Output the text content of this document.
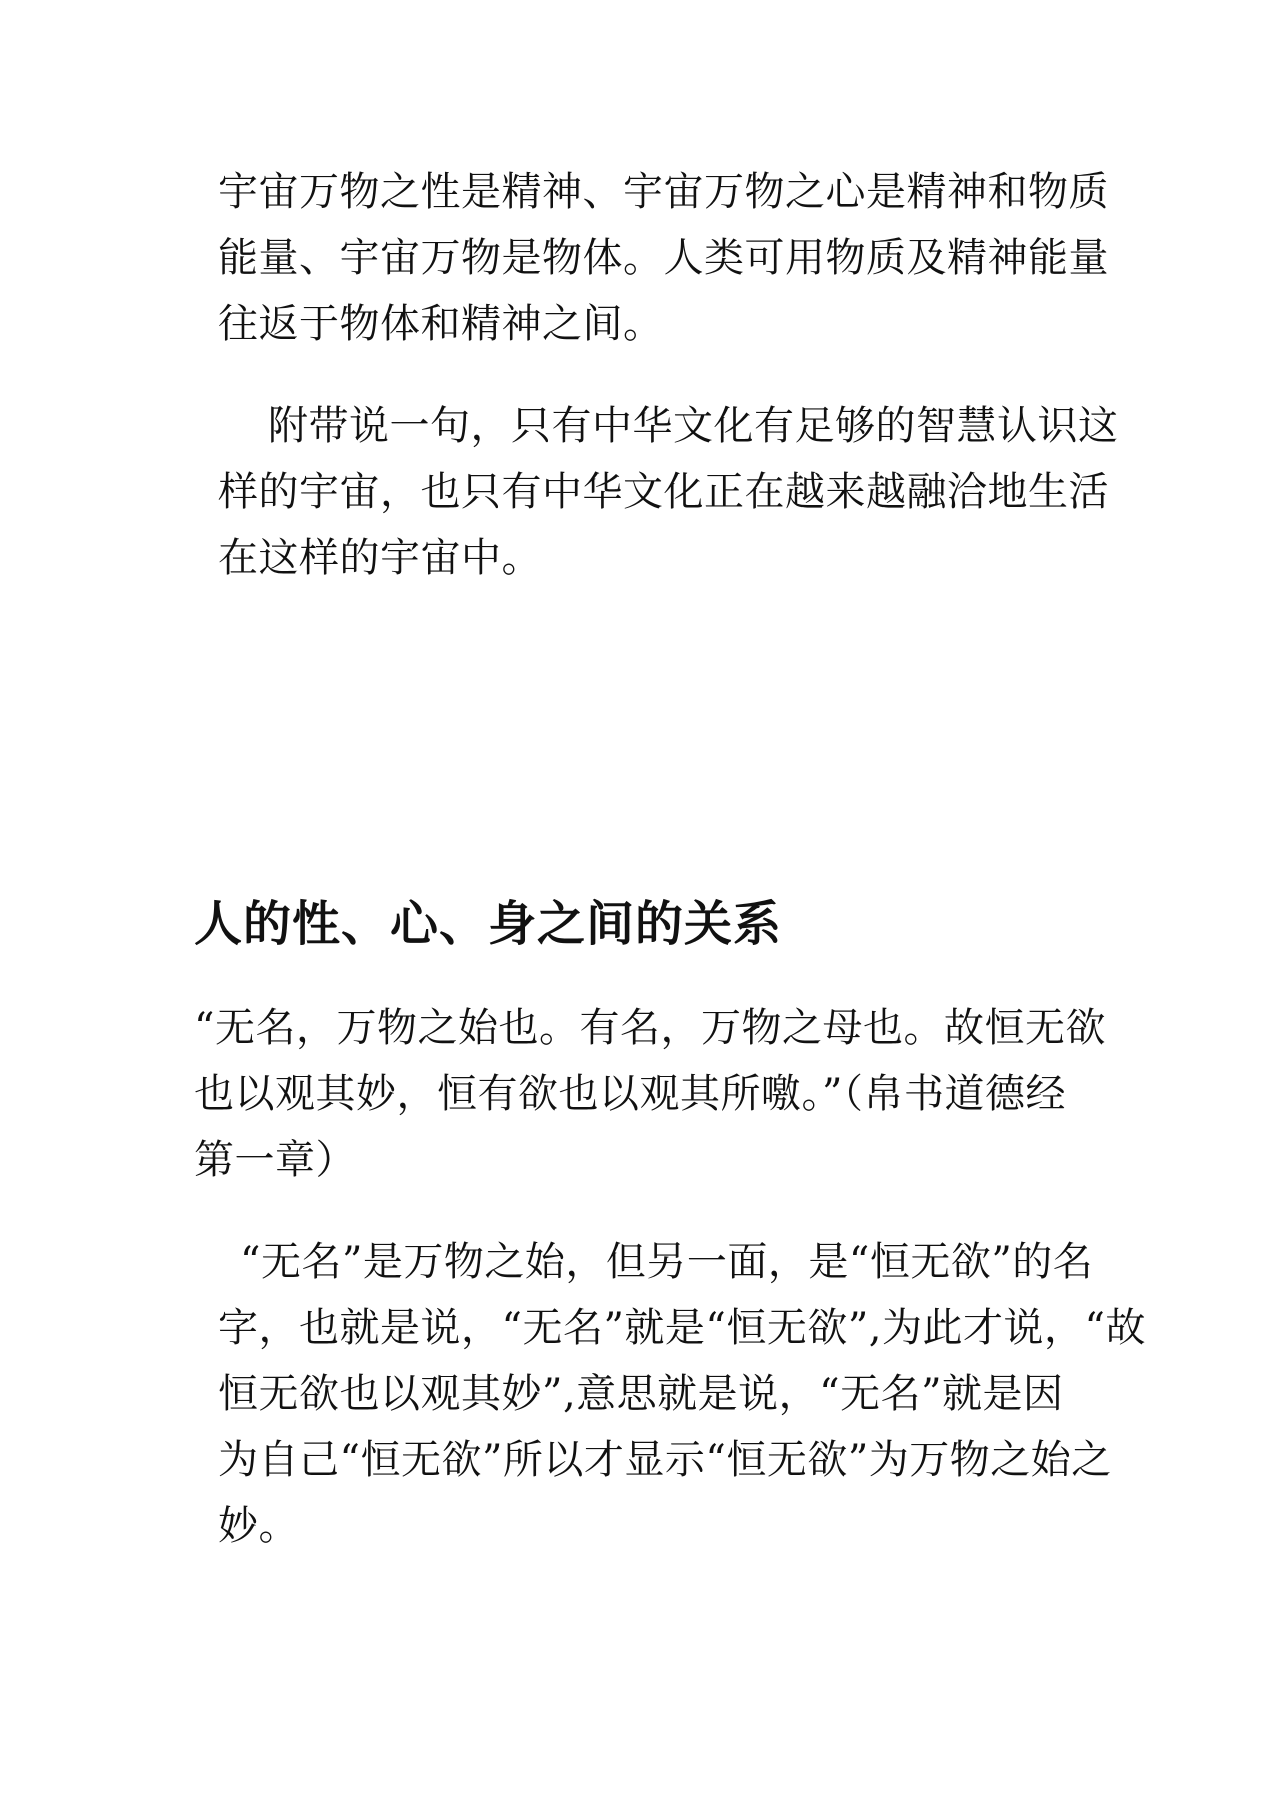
宇宙万物之性是精神、宇宙万物之心是精神和物质
能量、宇宙万物是物体。人类可用物质及精神能量
往返于物体和精神之间。
附带说一句，只有中华文化有足够的智慧认识这
样的宇宙，也只有中华文化正在越来越融洽地生活
在这样的宇宙中。
人的性、心、身之间的关系
“无名，万物之始也。有名，万物之母也。故恒无欲
也以观其妙，恒有欲也以观其所噭。”（帛书道德经
第一章）
“无名”是万物之始，但另一面，是“恒无欲”的名
字，也就是说，“无名”就是“恒无欲”,为此才说，“故
恒无欲也以观其妙”,意思就是说，“无名”就是因
为自己“恒无欲”所以才显示“恒无欲”为万物之始之
妙。
